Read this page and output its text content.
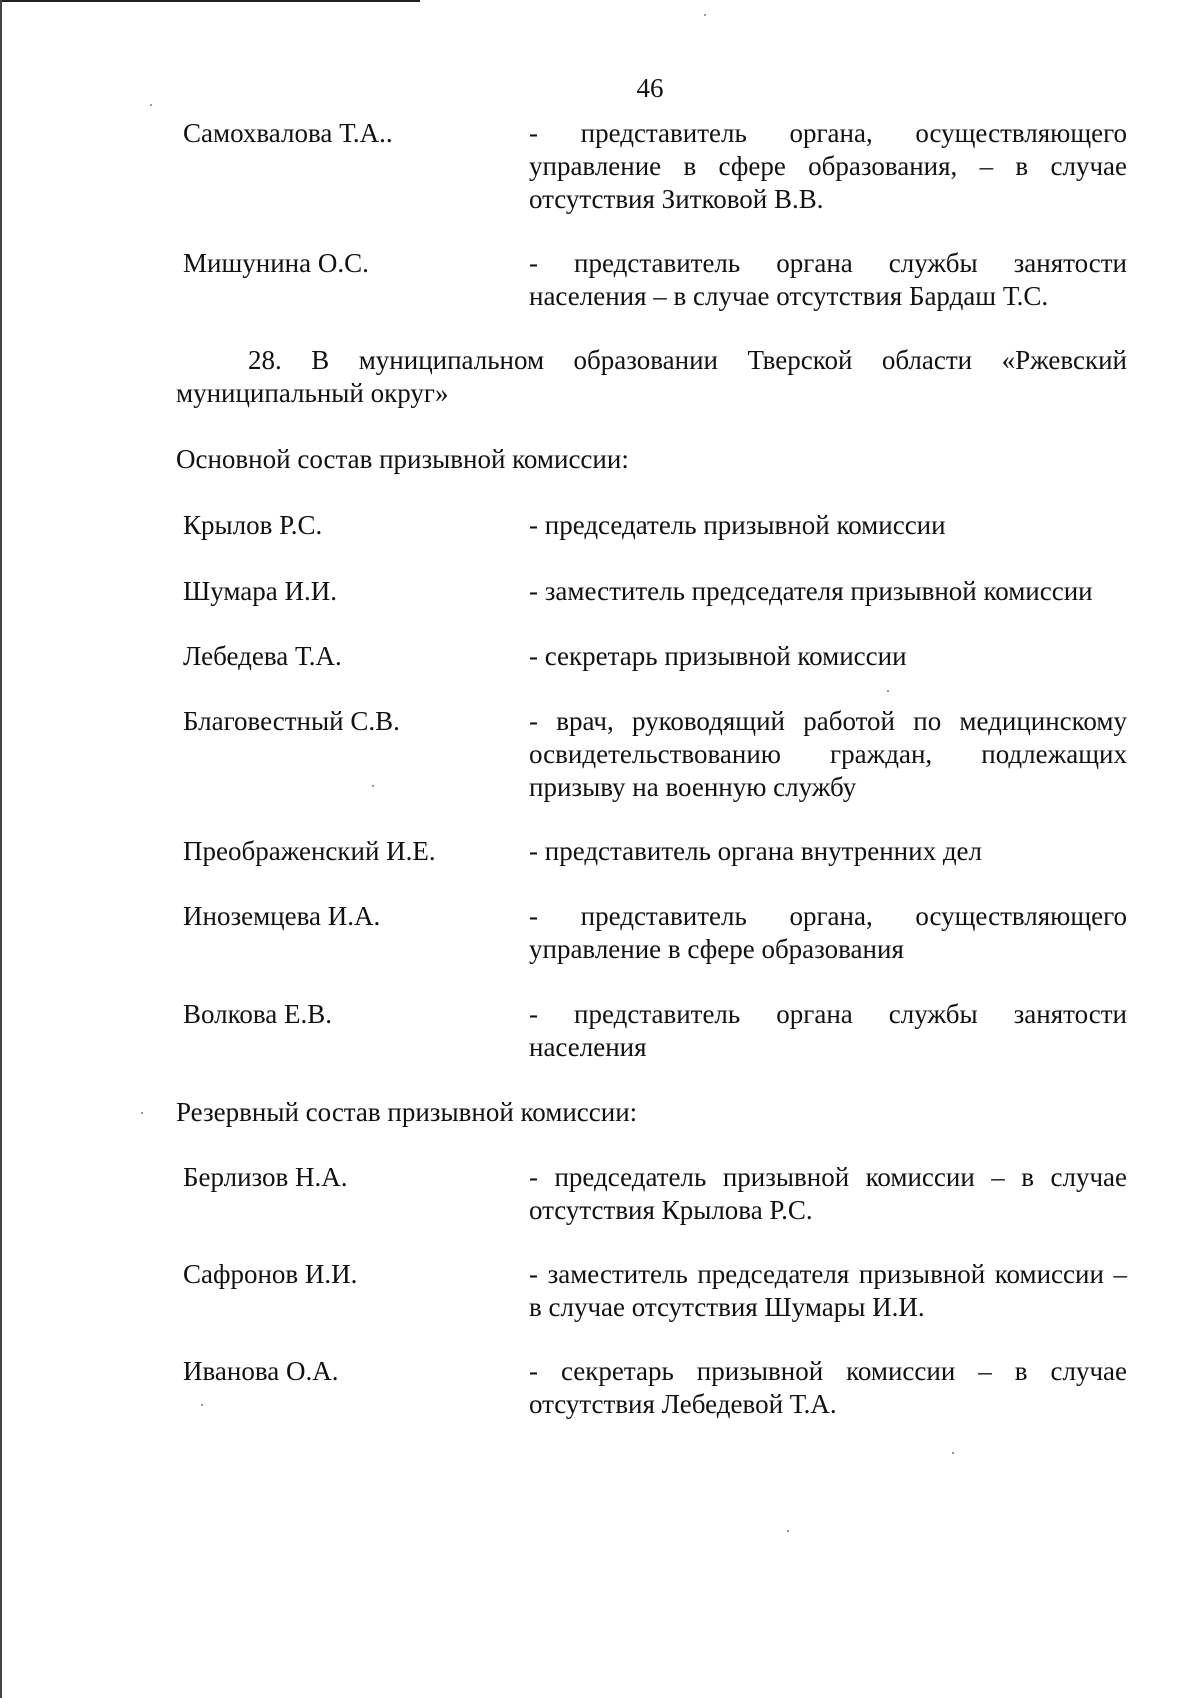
46
Самохвалова Т.А..	- представитель органа, осуществляющего управление в сфере образования, – в случае отсутствия Зитковой В.В.
Мишунина О.С.	- представитель органа службы занятости населения – в случае отсутствия Бардаш Т.С.
28. В муниципальном образовании Тверской области «Ржевский муниципальный округ»
Основной состав призывной комиссии:
Крылов Р.С.	- председатель призывной комиссии
Шумара И.И.	- заместитель председателя призывной комиссии
Лебедева Т.А.	- секретарь призывной комиссии
Благовестный С.В.	- врач, руководящий работой по медицинскому освидетельствованию граждан, подлежащих призыву на военную службу
Преображенский И.Е.	- представитель органа внутренних дел
Иноземцева И.А.	- представитель органа, осуществляющего управление в сфере образования
Волкова Е.В.	- представитель органа службы занятости населения
Резервный состав призывной комиссии:
Берлизов Н.А.	- председатель призывной комиссии – в случае отсутствия Крылова Р.С.
Сафронов И.И.	- заместитель председателя призывной комиссии – в случае отсутствия Шумары И.И.
Иванова О.А.	- секретарь призывной комиссии – в случае отсутствия Лебедевой Т.А.
